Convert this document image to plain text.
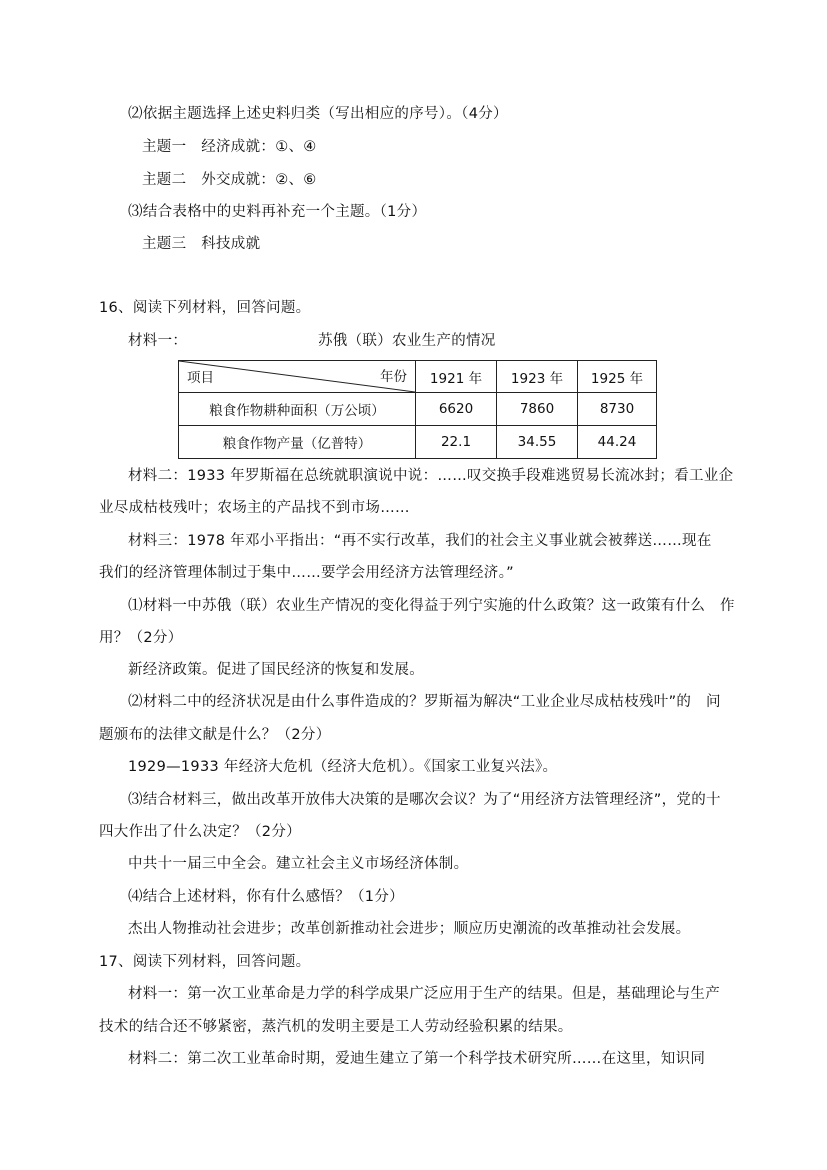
⑵依据主题选择上述史料归类（写出相应的序号）。（4分）
主题一　经济成就：①、④
主题二　外交成就：②、⑥
⑶结合表格中的史料再补充一个主题。（1分）
主题三　科技成就
16、阅读下列材料，回答问题。
材料一：	苏俄（联）农业生产的情况
项目 年份	1921 年	1923 年	1925 年
粮食作物耕种面积（万公顷）	6620	7860	8730
粮食作物产量（亿普特）	22.1	34.55	44.24
材料二：1933 年罗斯福在总统就职演说中说：……叹交换手段难逃贸易长流冰封；看工业企
业尽成枯枝残叶；农场主的产品找不到市场……
材料三：1978 年邓小平指出：“再不实行改革，我们的社会主义事业就会被葬送……现在
我们的经济管理体制过于集中……要学会用经济方法管理经济。”
⑴材料一中苏俄（联）农业生产情况的变化得益于列宁实施的什么政策？这一政策有什么　作
用？（2分）
新经济政策。促进了国民经济的恢复和发展。
⑵材料二中的经济状况是由什么事件造成的？罗斯福为解决“工业企业尽成枯枝残叶”的　问
题颁布的法律文献是什么？（2分）
1929—1933 年经济大危机（经济大危机）。《国家工业复兴法》。
⑶结合材料三，做出改革开放伟大决策的是哪次会议？为了“用经济方法管理经济”，党的十
四大作出了什么决定？（2分）
中共十一届三中全会。建立社会主义市场经济体制。
⑷结合上述材料，你有什么感悟？（1分）
杰出人物推动社会进步；改革创新推动社会进步；顺应历史潮流的改革推动社会发展。
17、阅读下列材料，回答问题。
材料一：第一次工业革命是力学的科学成果广泛应用于生产的结果。但是，基础理论与生产
技术的结合还不够紧密，蒸汽机的发明主要是工人劳动经验积累的结果。
材料二：第二次工业革命时期，爱迪生建立了第一个科学技术研究所……在这里，知识同
